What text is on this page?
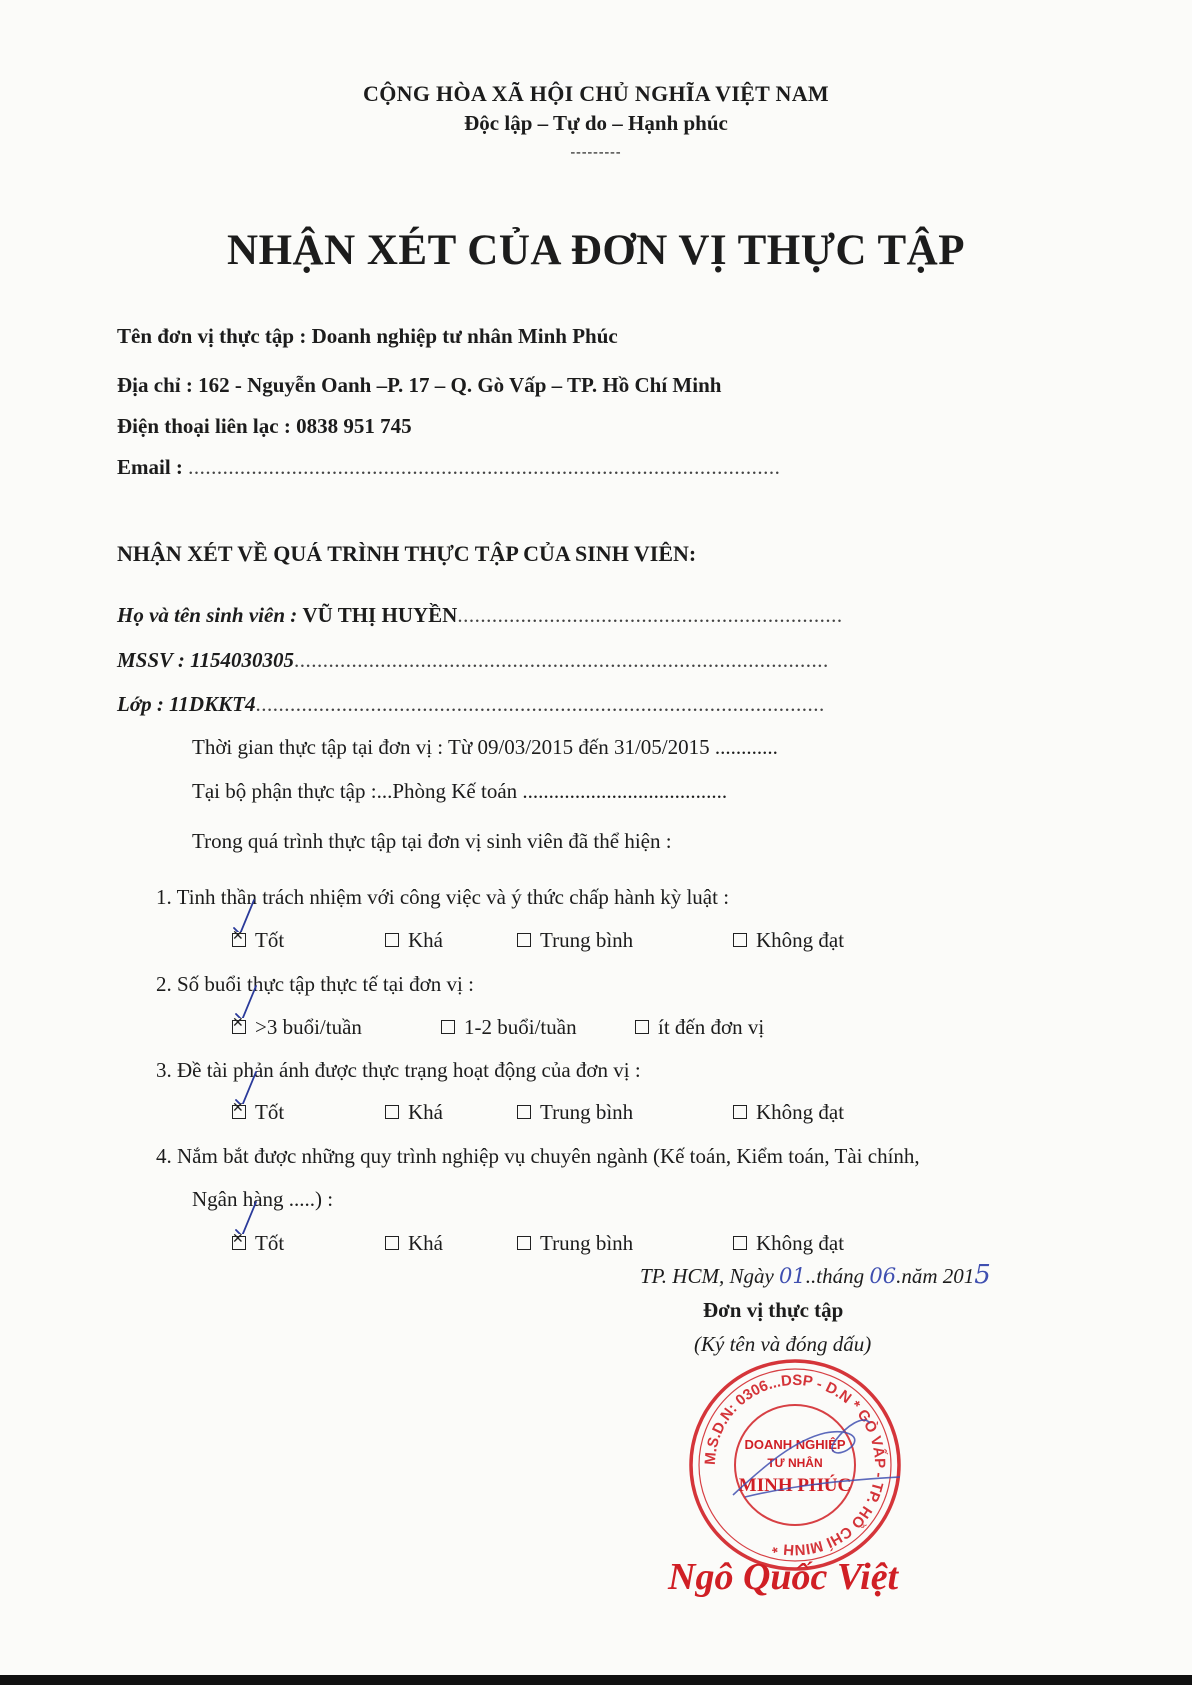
CỘNG HÒA XÃ HỘI CHỦ NGHĨA VIỆT NAM
Độc lập – Tự do – Hạnh phúc
---------
NHẬN XÉT CỦA ĐƠN VỊ THỰC TẬP
Tên đơn vị thực tập : Doanh nghiệp tư nhân Minh Phúc
Địa chỉ : 162 - Nguyễn Oanh –P. 17 – Q. Gò Vấp – TP. Hồ Chí Minh
Điện thoại liên lạc : 0838 951 745
Email : .......................................................................................................
NHẬN XÉT VỀ QUÁ TRÌNH THỰC TẬP CỦA SINH VIÊN:
Họ và tên sinh viên : VŨ THỊ HUYỀN...................................................................
MSSV : 1154030305.............................................................................................
Lớp : 11DKKT4...................................................................................................
Thời gian thực tập tại đơn vị : Từ 09/03/2015 đến 31/05/2015 ............
Tại bộ phận thực tập :...Phòng Kế toán .......................................
Trong quá trình thực tập tại đơn vị sinh viên đã thể hiện :
1. Tinh thần trách nhiệm với công việc và ý thức chấp hành kỳ luật :
✕Tốt	Khá	Trung bình	Không đạt
2. Số buổi thực tập thực tế tại đơn vị :
✕>3 buổi/tuần	1-2 buổi/tuần	ít đến đơn vị
3. Đề tài phản ánh được thực trạng hoạt động của đơn vị :
✕Tốt	Khá	Trung bình	Không đạt
4. Nắm bắt được những quy trình nghiệp vụ chuyên ngành (Kế toán, Kiểm toán, Tài chính,
Ngân hàng .....) :
✕Tốt	Khá	Trung bình	Không đạt
TP. HCM, Ngày 01..tháng 06.năm 2015
Đơn vị thực tập
(Ký tên và đóng dấu)
M.S.D.N: 0306...DSP - D.N * GÒ VẤP - TP. HỒ CHÍ MINH *
DOANH NGHIỆP
TƯ NHÂN
MINH PHÚC
Ngô Quốc Việt
